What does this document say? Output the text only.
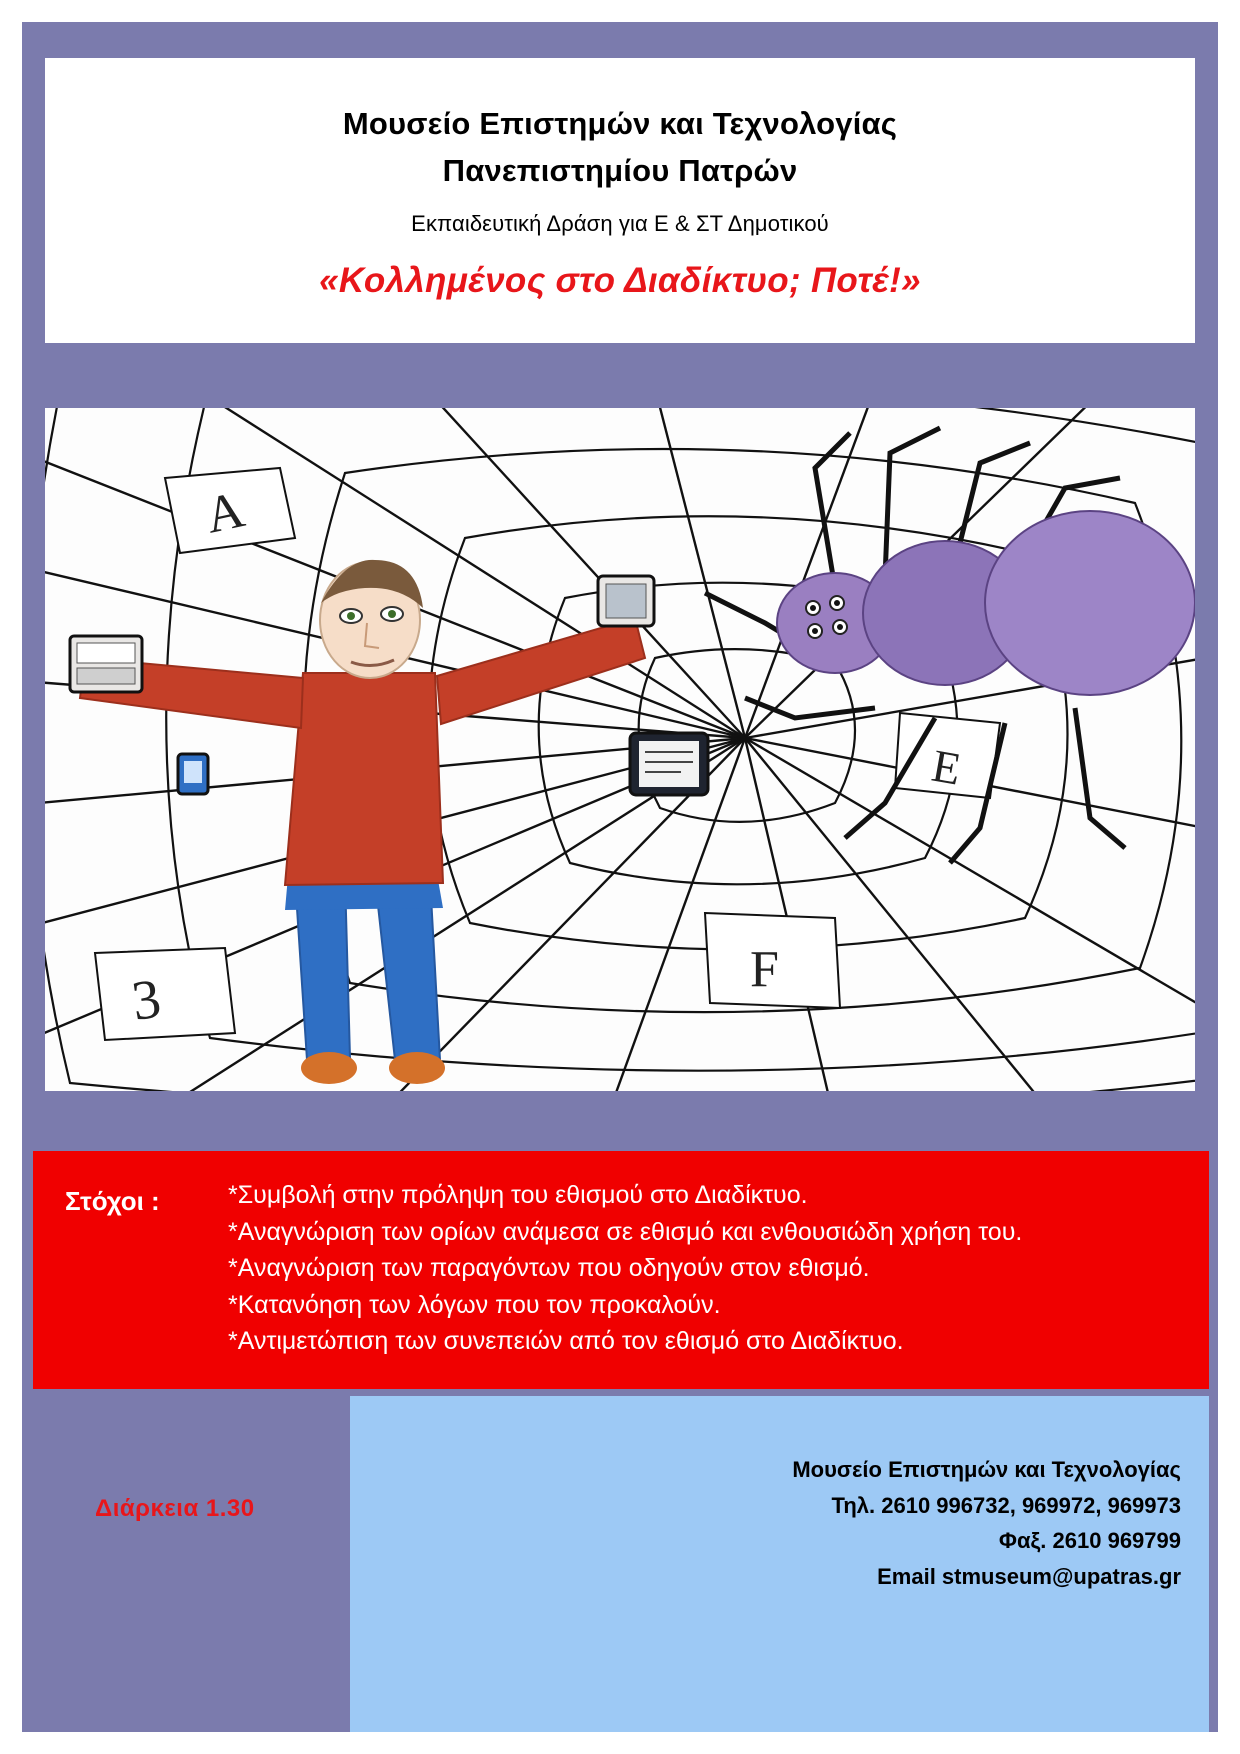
Μουσείο Επιστημών και Τεχνολογίας
Πανεπιστημίου Πατρών
Εκπαιδευτική Δράση για Ε & ΣΤ Δημοτικού
«Κολλημένος στο Διαδίκτυο; Ποτέ!»
A
3
E
F
Στόχοι :	*Συμβολή στην πρόληψη του εθισμού στο Διαδίκτυο.
*Αναγνώριση των ορίων ανάμεσα σε εθισμό και ενθουσιώδη χρήση του.
*Αναγνώριση των παραγόντων που οδηγούν στον εθισμό.
*Κατανόηση των λόγων που τον προκαλούν.
*Αντιμετώπιση των συνεπειών από τον εθισμό στο Διαδίκτυο.
Μουσείο Επιστημών και Τεχνολογίας
Τηλ. 2610 996732, 969972, 969973
Φαξ. 2610 969799
Email stmuseum@upatras.gr
Διάρκεια 1.30
